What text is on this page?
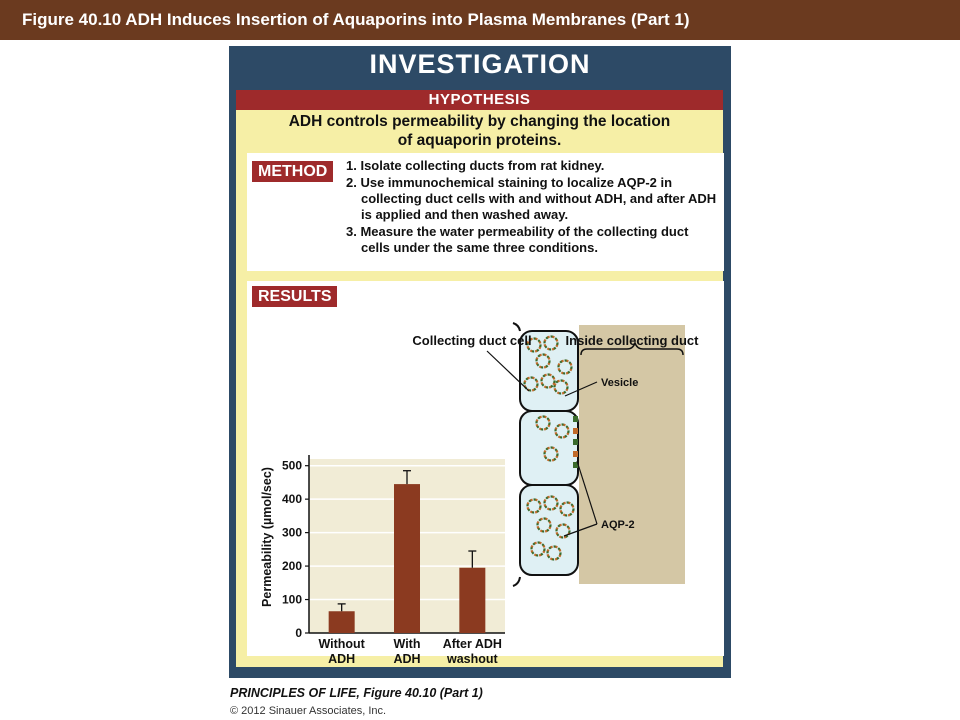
Figure 40.10 ADH Induces Insertion of Aquaporins into Plasma Membranes (Part 1)
INVESTIGATION
HYPOTHESIS
ADH controls permeability by changing the location
of aquaporin proteins.
METHOD	1. Isolate collecting ducts from rat kidney.
2. Use immunochemical staining to localize AQP-2 in collecting duct cells with and without ADH, and after ADH is applied and then washed away.
3. Measure the water permeability of the collecting duct cells under the same three conditions.
RESULTS
Collecting duct cell	Inside collecting duct
Vesicle
AQP-2
Permeability (µmol/sec)
0
100
200
300
400
500
Without
ADH
With
ADH
After ADH
washout
PRINCIPLES OF LIFE, Figure 40.10 (Part 1)
© 2012 Sinauer Associates, Inc.
